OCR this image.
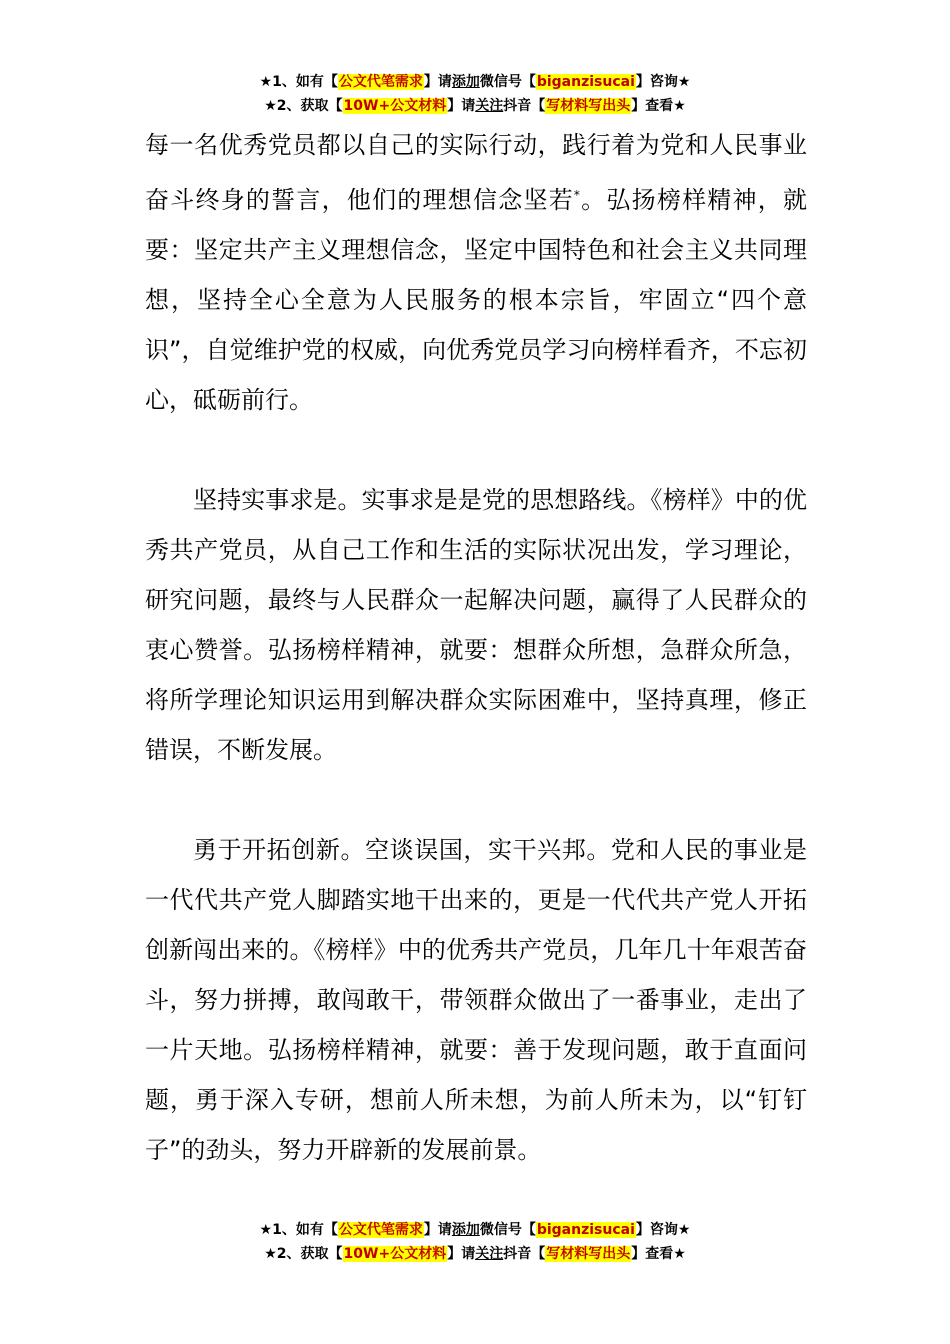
★1、如有【公文代笔需求】请添加微信号【biganzisucai】咨询★
★2、获取【10W+公文材料】请关注抖音【写材料写出头】查看★

每一名优秀党员都以自己的实际行动，践行着为党和人民事业奋斗终身的誓言，他们的理想信念坚若*。弘扬榜样精神，就要：坚定共产主义理想信念，坚定中国特色和社会主义共同理想，坚持全心全意为人民服务的根本宗旨，牢固立“四个意识”，自觉维护党的权威，向优秀党员学习向榜样看齐，不忘初心，砥砺前行。

坚持实事求是。实事求是是党的思想路线。《榜样》中的优秀共产党员，从自己工作和生活的实际状况出发，学习理论，研究问题，最终与人民群众一起解决问题，赢得了人民群众的衷心赞誉。弘扬榜样精神，就要：想群众所想，急群众所急，将所学理论知识运用到解决群众实际困难中，坚持真理，修正错误，不断发展。

勇于开拓创新。空谈误国，实干兴邦。党和人民的事业是一代代共产党人脚踏实地干出来的，更是一代代共产党人开拓创新闯出来的。《榜样》中的优秀共产党员，几年几十年艰苦奋斗，努力拼搏，敢闯敢干，带领群众做出了一番事业，走出了一片天地。弘扬榜样精神，就要：善于发现问题，敢于直面问题，勇于深入专研，想前人所未想，为前人所未为，以“钉钉子”的劲头，努力开辟新的发展前景。

★1、如有【公文代笔需求】请添加微信号【biganzisucai】咨询★
★2、获取【10W+公文材料】请关注抖音【写材料写出头】查看★
